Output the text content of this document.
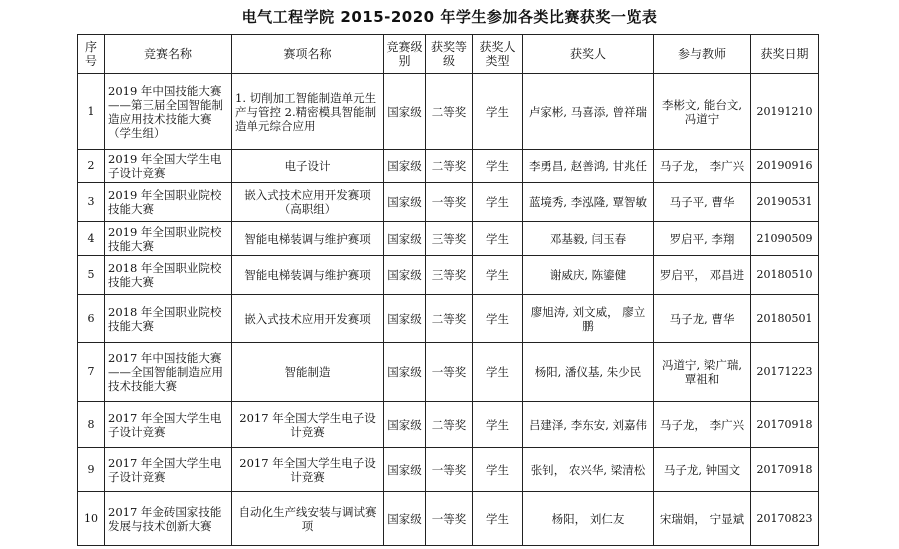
电气工程学院 2015-2020 年学生参加各类比赛获奖一览表
序号	竞赛名称	赛项名称	竞赛级别	获奖等级	获奖人类型	获奖人	参与教师	获奖日期
1	2019 年中国技能大赛——第三届全国智能制造应用技术技能大赛（学生组）	1. 切削加工智能制造单元生产与管控 2.精密模具智能制造单元综合应用	国家级	二等奖	学生	卢家彬, 马喜添, 曾祥瑞	李彬文, 能台文, 冯道宁	20191210
2	2019 年全国大学生电子设计竞赛	电子设计	国家级	二等奖	学生	李勇昌, 赵善鸿, 甘兆任	马子龙， 李广兴	20190916
3	2019 年全国职业院校技能大赛	嵌入式技术应用开发赛项（高职组）	国家级	一等奖	学生	蓝境秀, 李泓隆, 覃智敏	马子平, 曹华	20190531
4	2019 年全国职业院校技能大赛	智能电梯装调与维护赛项	国家级	三等奖	学生	邓基毅, 闫玉春	罗启平, 李翔	21090509
5	2018 年全国职业院校技能大赛	智能电梯装调与维护赛项	国家级	三等奖	学生	谢威庆, 陈鎏健	罗启平， 邓昌进	20180510
6	2018 年全国职业院校技能大赛	嵌入式技术应用开发赛项	国家级	二等奖	学生	廖旭涛, 刘文威， 廖立鹏	马子龙, 曹华	20180501
7	2017 年中国技能大赛——全国智能制造应用技术技能大赛	智能制造	国家级	一等奖	学生	杨阳, 潘仪基, 朱少民	冯道宁, 梁广瑞, 覃祖和	20171223
8	2017 年全国大学生电子设计竞赛	2017 年全国大学生电子设计竞赛	国家级	二等奖	学生	吕建泽, 李东安, 刘嘉伟	马子龙， 李广兴	20170918
9	2017 年全国大学生电子设计竞赛	2017 年全国大学生电子设计竞赛	国家级	一等奖	学生	张钊， 农兴华, 梁清松	马子龙, 钟国文	20170918
10	2017 年金砖国家技能发展与技术创新大赛	自动化生产线安装与调试赛项	国家级	一等奖	学生	杨阳， 刘仁友	宋瑞娟， 宁显斌	20170823
